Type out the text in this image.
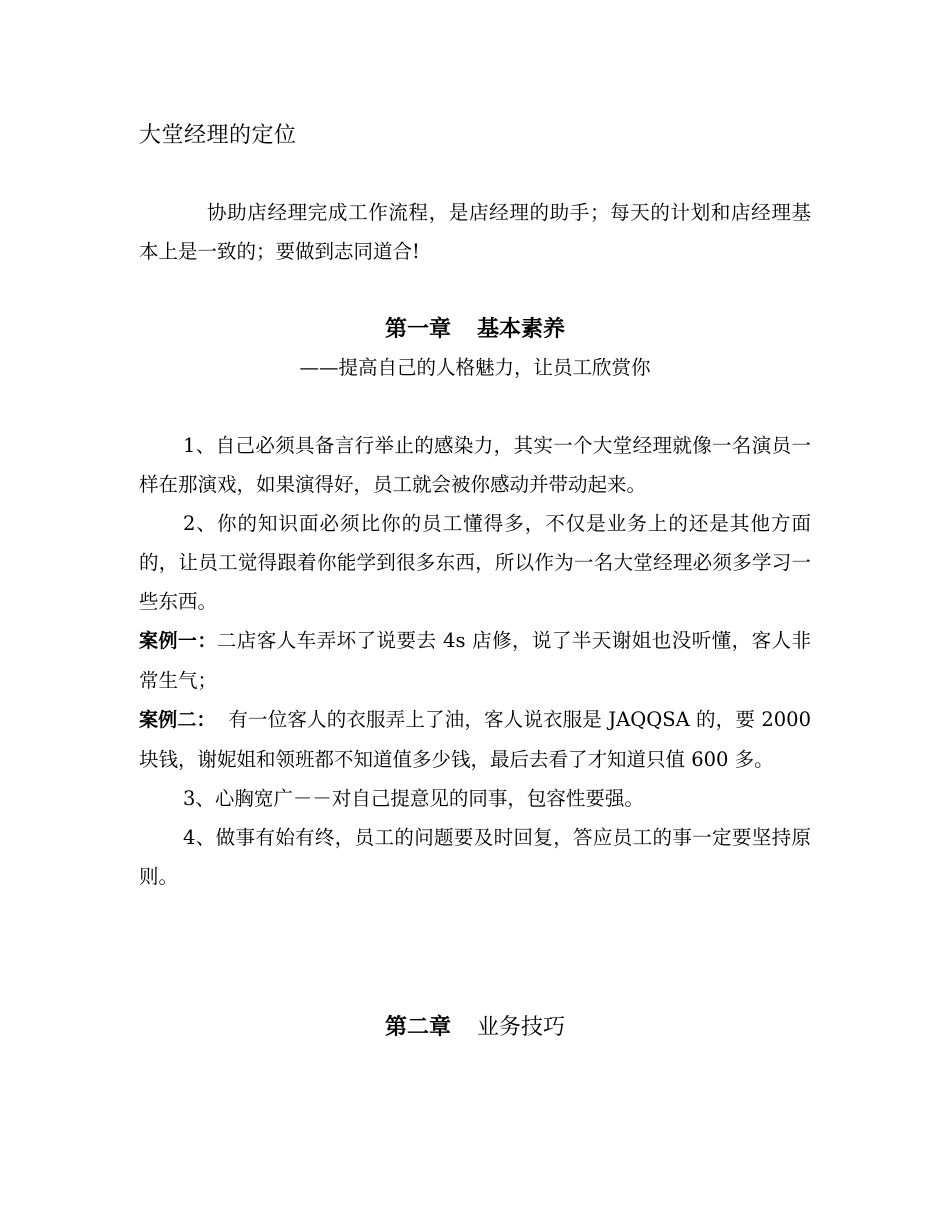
大堂经理的定位

协助店经理完成工作流程，是店经理的助手；每天的计划和店经理基本上是一致的；要做到志同道合!

第一章 基本素养

——提高自己的人格魅力，让员工欣赏你

1、自己必须具备言行举止的感染力，其实一个大堂经理就像一名演员一样在那演戏，如果演得好，员工就会被你感动并带动起来。

2、你的知识面必须比你的员工懂得多，不仅是业务上的还是其他方面的，让员工觉得跟着你能学到很多东西，所以作为一名大堂经理必须多学习一些东西。

案例一：二店客人车弄坏了说要去 4s 店修，说了半天谢姐也没听懂，客人非常生气；

案例二：  有一位客人的衣服弄上了油，客人说衣服是 JAQQSA 的，要 2000 块钱，谢妮姐和领班都不知道值多少钱，最后去看了才知道只值 600 多。

3、心胸宽广－－对自己提意见的同事，包容性要强。

4、做事有始有终，员工的问题要及时回复，答应员工的事一定要坚持原则。

第二章 业务技巧
